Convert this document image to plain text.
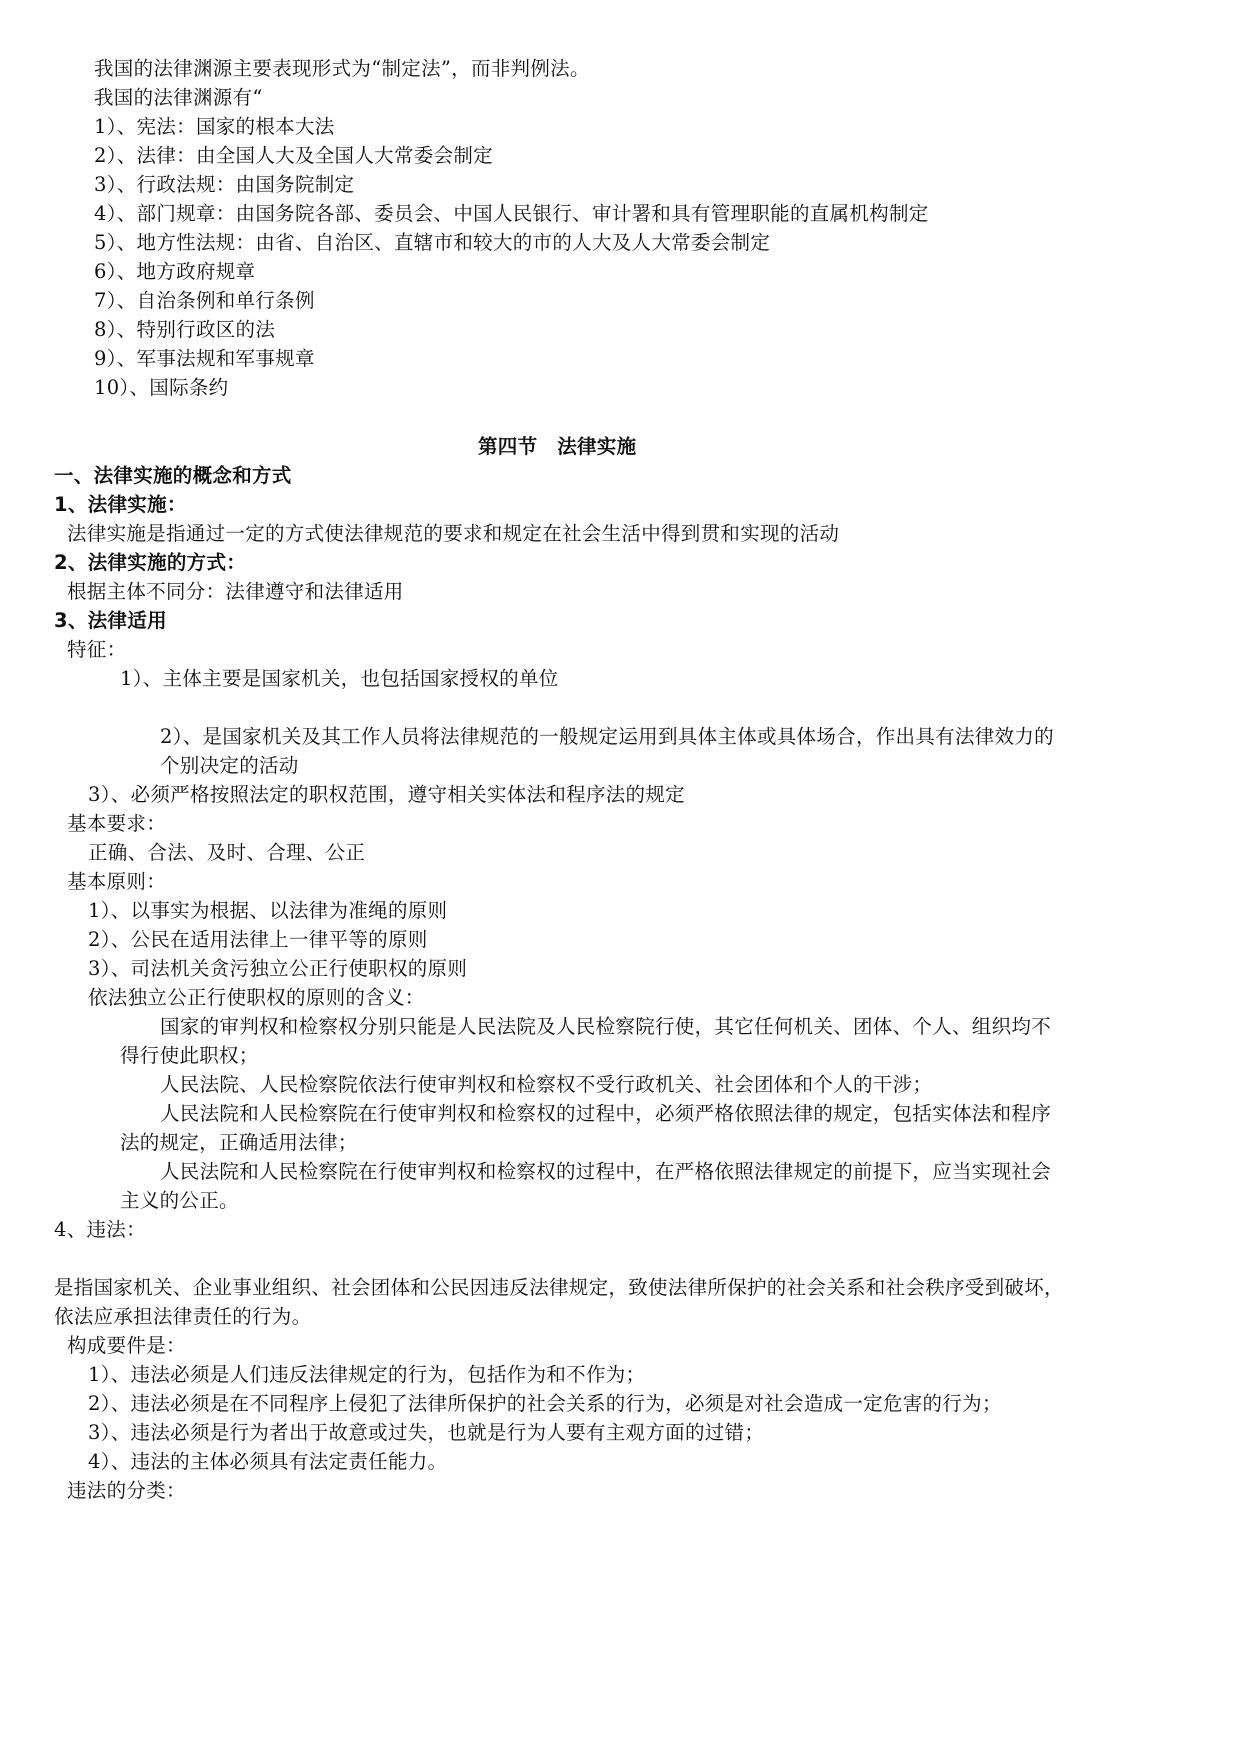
我国的法律渊源主要表现形式为“制定法”，而非判例法。
我国的法律渊源有“
1）、宪法：国家的根本大法
2）、法律：由全国人大及全国人大常委会制定
3）、行政法规：由国务院制定
4）、部门规章：由国务院各部、委员会、中国人民银行、审计署和具有管理职能的直属机构制定
5）、地方性法规：由省、自治区、直辖市和较大的市的人大及人大常委会制定
6）、地方政府规章
7）、自治条例和单行条例
8）、特别行政区的法
9）、军事法规和军事规章
10）、国际条约
第四节　法律实施
一、法律实施的概念和方式
1、法律实施：
法律实施是指通过一定的方式使法律规范的要求和规定在社会生活中得到贯和实现的活动
2、法律实施的方式：
根据主体不同分：法律遵守和法律适用
3、法律适用
特征：
1）、主体主要是国家机关，也包括国家授权的单位
2）、是国家机关及其工作人员将法律规范的一般规定运用到具体主体或具体场合，作出具有法律效力的
个别决定的活动
3）、必须严格按照法定的职权范围，遵守相关实体法和程序法的规定
基本要求：
正确、合法、及时、合理、公正
基本原则：
1）、以事实为根据、以法律为准绳的原则
2）、公民在适用法律上一律平等的原则
3）、司法机关贪污独立公正行使职权的原则
依法独立公正行使职权的原则的含义：
国家的审判权和检察权分别只能是人民法院及人民检察院行使，其它任何机关、团体、个人、组织均不
得行使此职权；
人民法院、人民检察院依法行使审判权和检察权不受行政机关、社会团体和个人的干涉；
人民法院和人民检察院在行使审判权和检察权的过程中，必须严格依照法律的规定，包括实体法和程序
法的规定，正确适用法律；
人民法院和人民检察院在行使审判权和检察权的过程中，在严格依照法律规定的前提下，应当实现社会
主义的公正。
4、违法：
是指国家机关、企业事业组织、社会团体和公民因违反法律规定，致使法律所保护的社会关系和社会秩序受到破坏，
依法应承担法律责任的行为。
构成要件是：
1）、违法必须是人们违反法律规定的行为，包括作为和不作为；
2）、违法必须是在不同程序上侵犯了法律所保护的社会关系的行为，必须是对社会造成一定危害的行为；
3）、违法必须是行为者出于故意或过失，也就是行为人要有主观方面的过错；
4）、违法的主体必须具有法定责任能力。
违法的分类：
